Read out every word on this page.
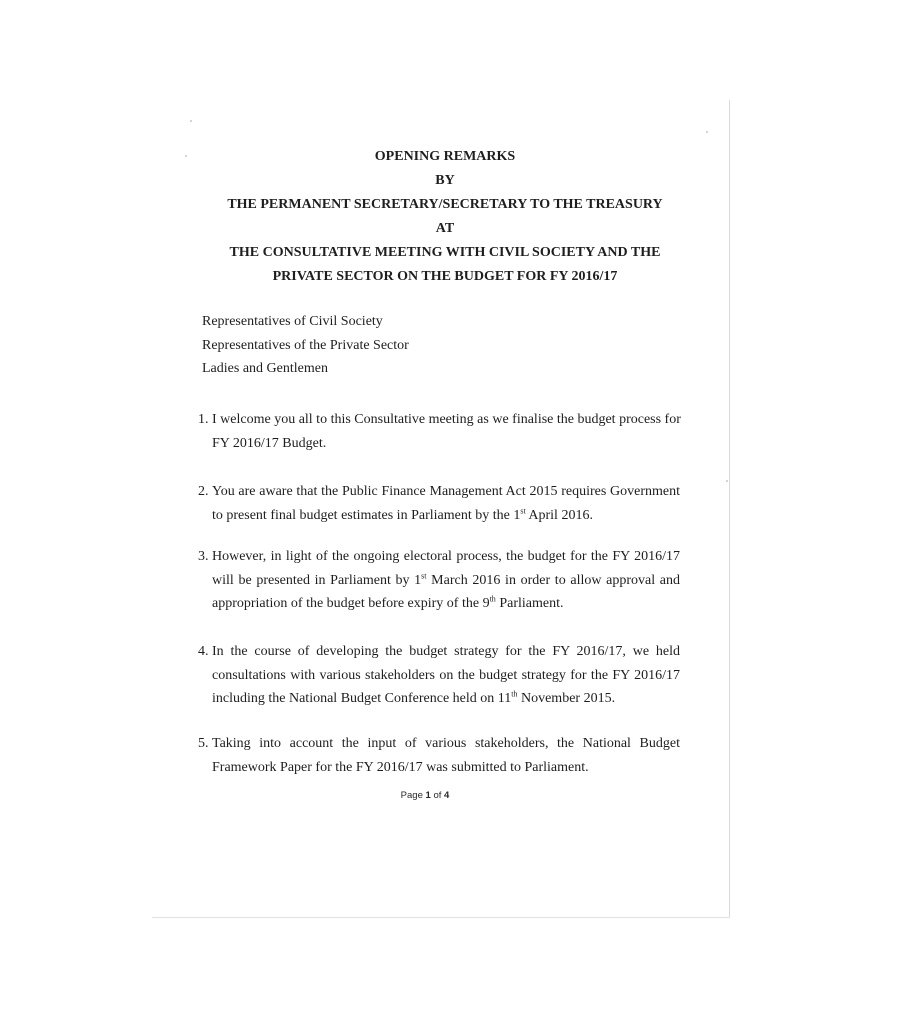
OPENING REMARKS
BY
THE PERMANENT SECRETARY/SECRETARY TO THE TREASURY
AT
THE CONSULTATIVE MEETING WITH CIVIL SOCIETY AND THE
PRIVATE SECTOR ON THE BUDGET FOR FY 2016/17
Representatives of Civil Society
Representatives of the Private Sector
Ladies and Gentlemen
1. I welcome you all to this Consultative meeting as we finalise the budget process for
FY 2016/17 Budget.
2. You are aware that the Public Finance Management Act 2015 requires Government
to present final budget estimates in Parliament by the 1st April 2016.
3. However, in light of the ongoing electoral process, the budget for the FY 2016/17
will be presented in Parliament by 1st March 2016 in order to allow approval and
appropriation of the budget before expiry of the 9th Parliament.
4. In the course of developing the budget strategy for the FY 2016/17, we held
consultations with various stakeholders on the budget strategy for the FY 2016/17
including the National Budget Conference held on 11th November 2015.
5. Taking into account the input of various stakeholders, the National Budget
Framework Paper for the FY 2016/17 was submitted to Parliament.
Page 1 of 4
